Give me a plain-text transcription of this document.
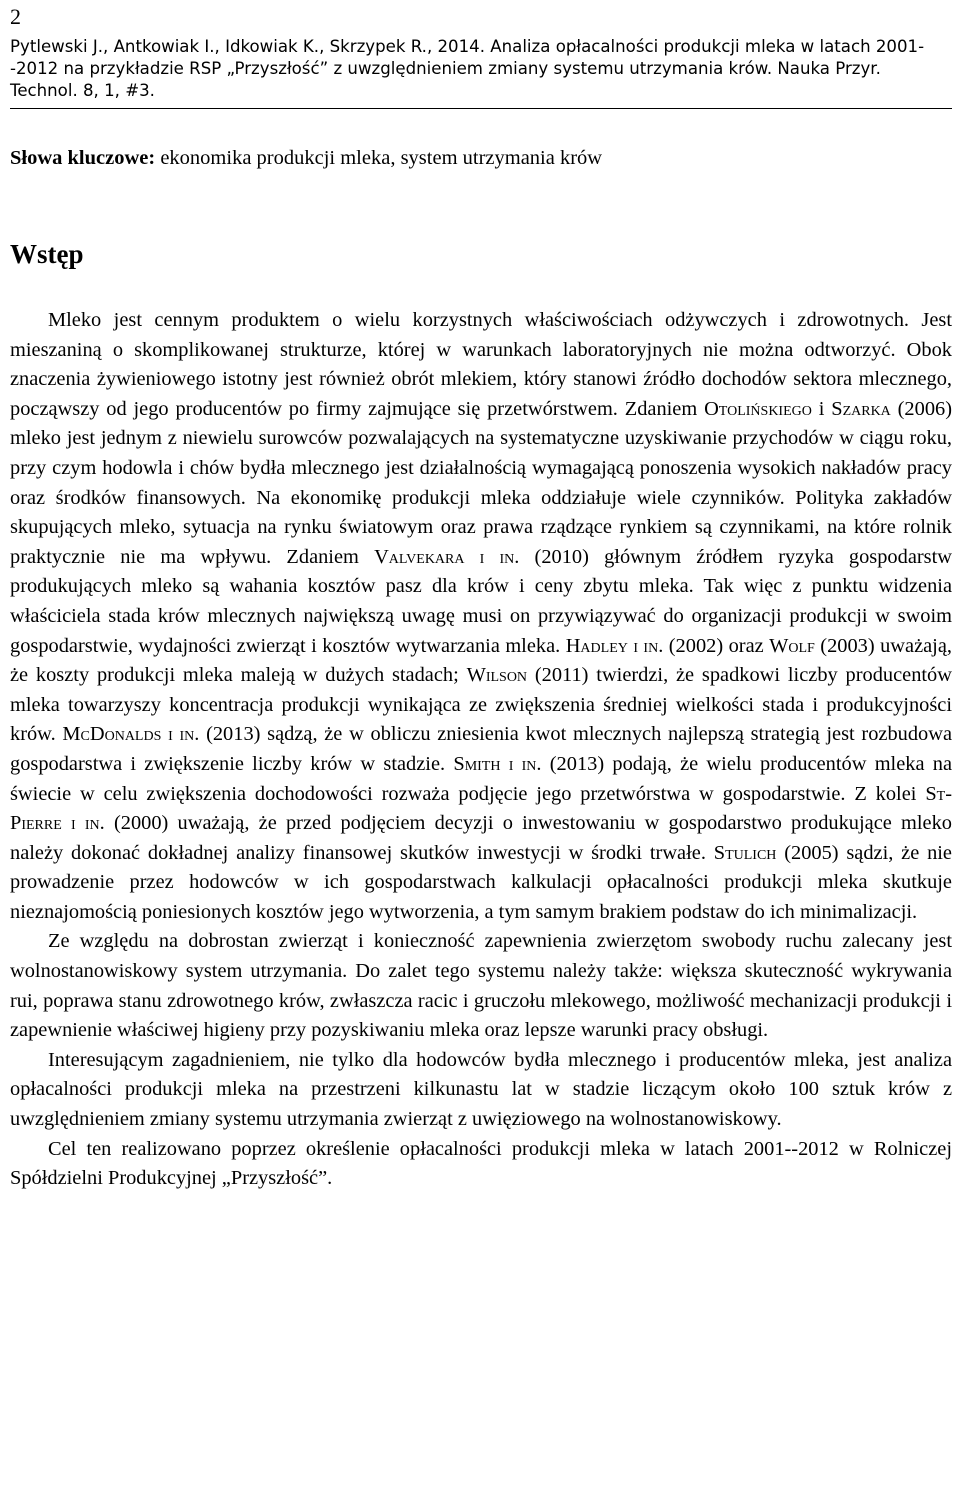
2
Pytlewski J., Antkowiak I., Idkowiak K., Skrzypek R., 2014. Analiza opłacalności produkcji mleka w latach 2001--2012 na przykładzie RSP „Przyszłość” z uwzględnieniem zmiany systemu utrzymania krów. Nauka Przyr. Technol. 8, 1, #3.
Słowa kluczowe: ekonomika produkcji mleka, system utrzymania krów
Wstęp

Mleko jest cennym produktem o wielu korzystnych właściwościach odżywczych i zdrowotnych. Jest mieszaniną o skomplikowanej strukturze, której w warunkach laboratoryjnych nie można odtworzyć. Obok znaczenia żywieniowego istotny jest również obrót mlekiem, który stanowi źródło dochodów sektora mlecznego, począwszy od jego producentów po firmy zajmujące się przetwórstwem. Zdaniem Otolińskiego i Szarka (2006) mleko jest jednym z niewielu surowców pozwalających na systematyczne uzyskiwanie przychodów w ciągu roku, przy czym hodowla i chów bydła mlecznego jest działalnością wymagającą ponoszenia wysokich nakładów pracy oraz środków finansowych. Na ekonomikę produkcji mleka oddziałuje wiele czynników. Polityka zakładów skupujących mleko, sytuacja na rynku światowym oraz prawa rządzące rynkiem są czynnikami, na które rolnik praktycznie nie ma wpływu. Zdaniem Valvekara i in. (2010) głównym źródłem ryzyka gospodarstw produkujących mleko są wahania kosztów pasz dla krów i ceny zbytu mleka. Tak więc z punktu widzenia właściciela stada krów mlecznych największą uwagę musi on przywiązywać do organizacji produkcji w swoim gospodarstwie, wydajności zwierząt i kosztów wytwarzania mleka. Hadley i in. (2002) oraz Wolf (2003) uważają, że koszty produkcji mleka maleją w dużych stadach; Wilson (2011) twierdzi, że spadkowi liczby producentów mleka towarzyszy koncentracja produkcji wynikająca ze zwiększenia średniej wielkości stada i produkcyjności krów. McDonalds i in. (2013) sądzą, że w obliczu zniesienia kwot mlecznych najlepszą strategią jest rozbudowa gospodarstwa i zwiększenie liczby krów w stadzie. Smith i in. (2013) podają, że wielu producentów mleka na świecie w celu zwiększenia dochodowości rozważa podjęcie jego przetwórstwa w gospodarstwie. Z kolei St-Pierre i in. (2000) uważają, że przed podjęciem decyzji o inwestowaniu w gospodarstwo produkujące mleko należy dokonać dokładnej analizy finansowej skutków inwestycji w środki trwałe. Stulich (2005) sądzi, że nie prowadzenie przez hodowców w ich gospodarstwach kalkulacji opłacalności produkcji mleka skutkuje nieznajomością poniesionych kosztów jego wytworzenia, a tym samym brakiem podstaw do ich minimalizacji.

Ze względu na dobrostan zwierząt i konieczność zapewnienia zwierzętom swobody ruchu zalecany jest wolnostanowiskowy system utrzymania. Do zalet tego systemu należy także: większa skuteczność wykrywania rui, poprawa stanu zdrowotnego krów, zwłaszcza racic i gruczołu mlekowego, możliwość mechanizacji produkcji i zapewnienie właściwej higieny przy pozyskiwaniu mleka oraz lepsze warunki pracy obsługi.

Interesującym zagadnieniem, nie tylko dla hodowców bydła mlecznego i producentów mleka, jest analiza opłacalności produkcji mleka na przestrzeni kilkunastu lat w stadzie liczącym około 100 sztuk krów z uwzględnieniem zmiany systemu utrzymania zwierząt z uwięziowego na wolnostanowiskowy.

Cel ten realizowano poprzez określenie opłacalności produkcji mleka w latach 2001--2012 w Rolniczej Spółdzielni Produkcyjnej „Przyszłość”.
